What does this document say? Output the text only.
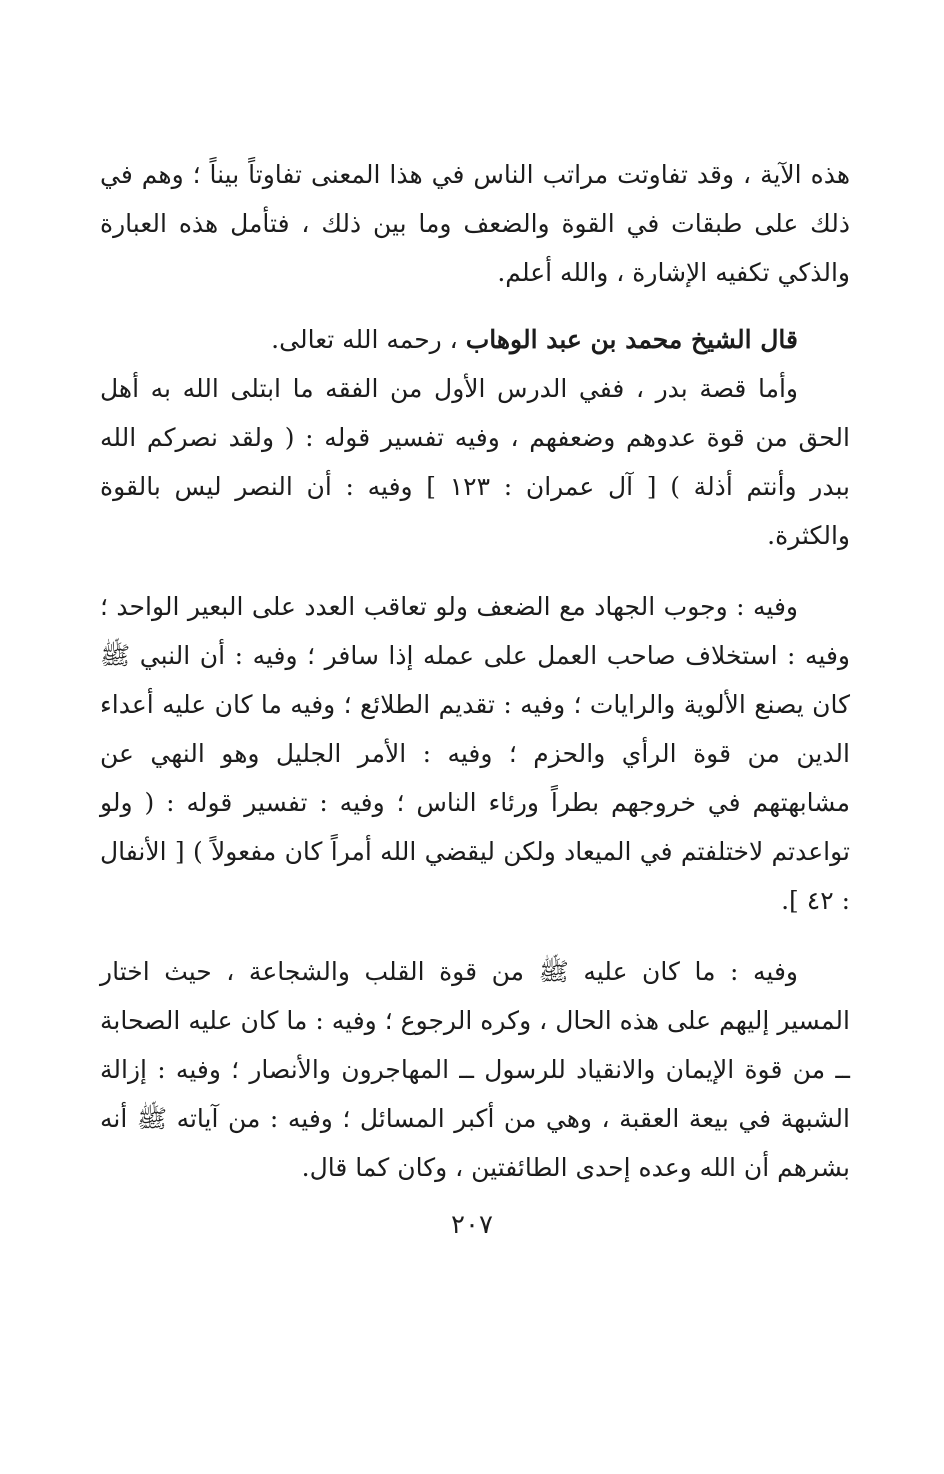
هذه الآية ، وقد تفاوتت مراتب الناس في هذا المعنى تفاوتاً بيناً ؛ وهم في ذلك على طبقات في القوة والضعف وما بين ذلك ، فتأمل هذه العبارة والذكي تكفيه الإشارة ، والله أعلم.

قال الشيخ محمد بن عبد الوهاب ، رحمه الله تعالى.

وأما قصة بدر ، ففي الدرس الأول من الفقه ما ابتلى الله به أهل الحق من قوة عدوهم وضعفهم ، وفيه تفسير قوله : ( ولقد نصركم الله ببدر وأنتم أذلة ) [ آل عمران : ١٢٣ ] وفيه : أن النصر ليس بالقوة والكثرة.

وفيه : وجوب الجهاد مع الضعف ولو تعاقب العدد على البعير الواحد ؛ وفيه : استخلاف صاحب العمل على عمله إذا سافر ؛ وفيه : أن النبي ﷺ كان يصنع الألوية والرايات ؛ وفيه : تقديم الطلائع ؛ وفيه ما كان عليه أعداء الدين من قوة الرأي والحزم ؛ وفيه : الأمر الجليل وهو النهي عن مشابهتهم في خروجهم بطراً ورئاء الناس ؛ وفيه : تفسير قوله : ( ولو تواعدتم لاختلفتم في الميعاد ولكن ليقضي الله أمراً كان مفعولاً ) [ الأنفال : ٤٢ ].

وفيه : ما كان عليه ﷺ من قوة القلب والشجاعة ، حيث اختار المسير إليهم على هذه الحال ، وكره الرجوع ؛ وفيه : ما كان عليه الصحابة ــ من قوة الإيمان والانقياد للرسول ــ المهاجرون والأنصار ؛ وفيه : إزالة الشبهة في بيعة العقبة ، وهي من أكبر المسائل ؛ وفيه : من آياته ﷺ أنه بشرهم أن الله وعده إحدى الطائفتين ، وكان كما قال.

٢٠٧
